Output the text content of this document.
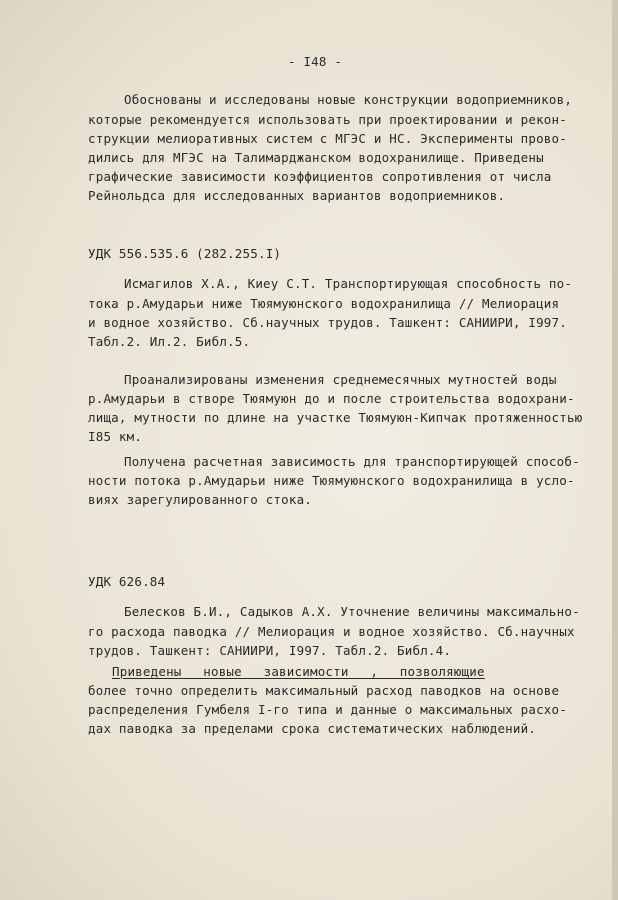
- I48 -
Обоснованы и исследованы новые конструкции водоприемников,
которые рекомендуется использовать при проектировании и рекон-
струкции мелиоративных систем с МГЭС и НС. Эксперименты прово-
дились для МГЭС на Талимарджанском водохранилище. Приведены
графические зависимости коэффициентов сопротивления от числа
Рейнольдса для исследованных вариантов водоприемников.
УДК 556.535.6 (282.255.I)
Исмагилов Х.А., Киеу С.Т. Транспортирующая способность по-
тока р.Амударьи ниже Тюямуюнского водохранилища // Мелиорация
и водное хозяйство. Сб.научных трудов. Ташкент: САНИИРИ, I997.
Табл.2. Ил.2. Библ.5.
Проанализированы изменения среднемесячных мутностей воды
р.Амударьи в створе Тюямуюн до и после строительства водохрани-
лища, мутности по длине на участке Тюямуюн-Кипчак протяженностью
I85 км.
Получена расчетная зависимость для транспортирующей способ-
ности потока р.Амударьи ниже Тюямуюнского водохранилища в усло-
виях зарегулированного стока.
УДК 626.84
Белесков Б.И., Садыков А.Х. Уточнение величины максимально-
го расхода паводка // Мелиорация и водное хозяйство. Сб.научных
трудов. Ташкент: САНИИРИ, I997. Табл.2. Библ.4.
Приведены новые зависимости , позволяющие
более точно определить максимальный расход паводков на основе
распределения Гумбеля I-го типа и данные о максимальных расхо-
дах паводка за пределами срока систематических наблюдений.
